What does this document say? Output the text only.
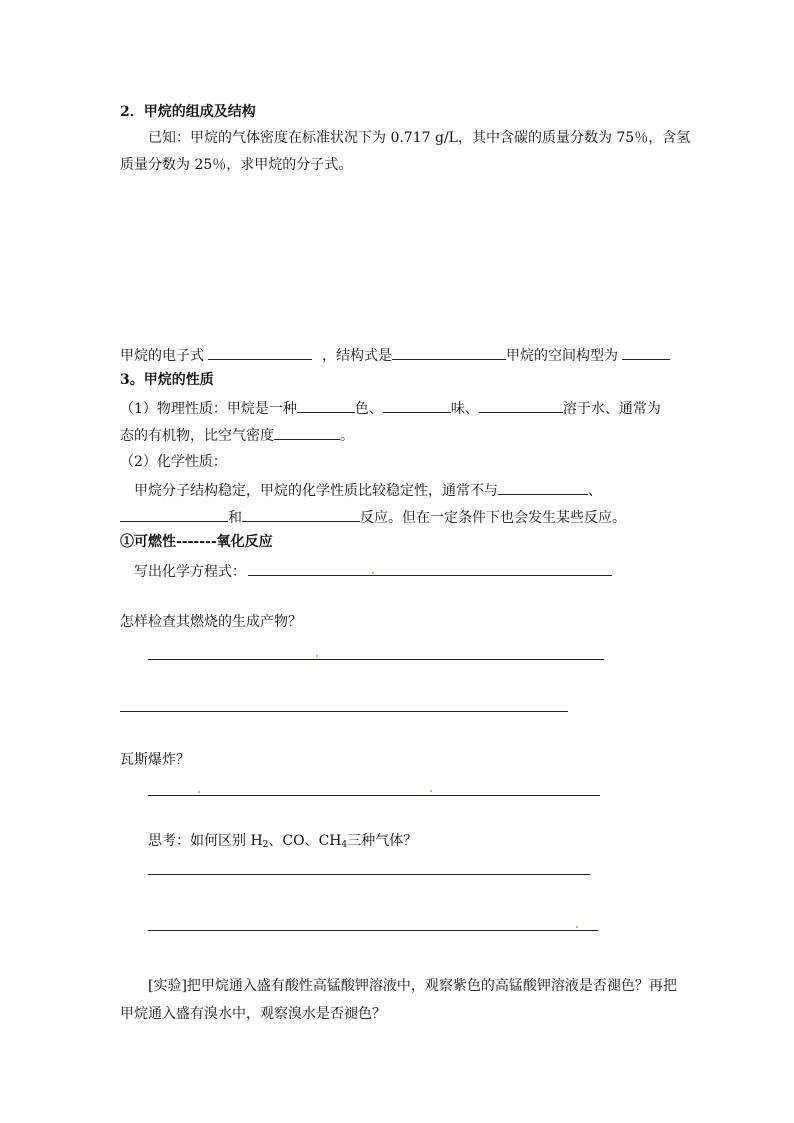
2．甲烷的组成及结构
已知：甲烷的气体密度在标准状况下为 0.717 g/L，其中含碳的质量分数为 75％，含氢
质量分数为 25％，求甲烷的分子式。
甲烷的电子式	，结构式是	甲烷的空间构型为
3。甲烷的性质
（1）物理性质：甲烷是一种	色、	味、	溶于水、通常为
态的有机物，比空气密度	。
（2）化学性质：
甲烷分子结构稳定，甲烷的化学性质比较稳定性，通常不与	、
和	反应。但在一定条件下也会发生某些反应。
①可燃性-------氧化反应
写出化学方程式：
怎样检查其燃烧的生成产物？
瓦斯爆炸？
思考：如何区别 $H_2$、CO、$CH_4$三种气体？
[实验]把甲烷通入盛有酸性高锰酸钾溶液中，观察紫色的高锰酸钾溶液是否褪色？再把
甲烷通入盛有溴水中，观察溴水是否褪色？
